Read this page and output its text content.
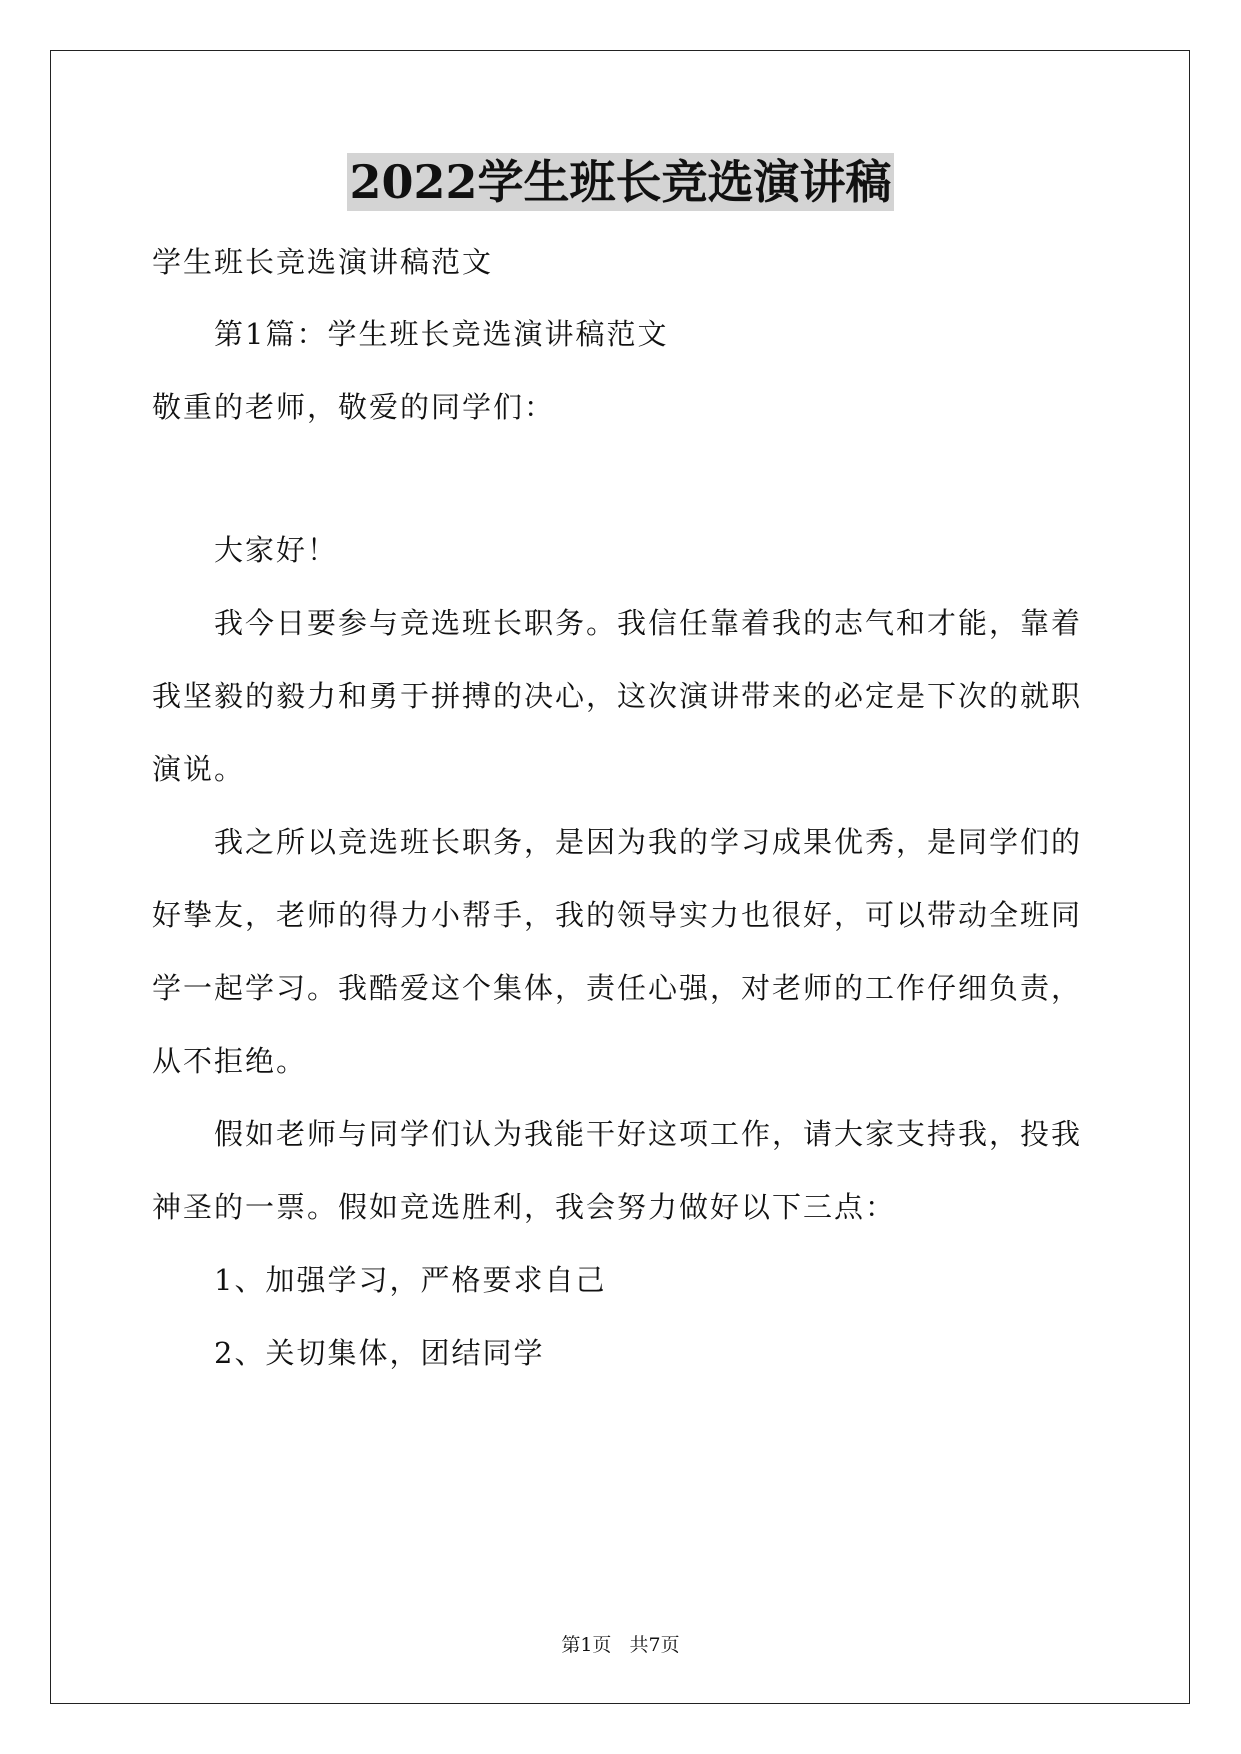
2022学生班长竞选演讲稿
学生班长竞选演讲稿范文
第1篇：学生班长竞选演讲稿范文
敬重的老师，敬爱的同学们：
大家好！
我今日要参与竞选班长职务。我信任靠着我的志气和才能，靠着
我坚毅的毅力和勇于拼搏的决心，这次演讲带来的必定是下次的就职
演说。
我之所以竞选班长职务，是因为我的学习成果优秀，是同学们的
好挚友，老师的得力小帮手，我的领导实力也很好，可以带动全班同
学一起学习。我酷爱这个集体，责任心强，对老师的工作仔细负责，
从不拒绝。
假如老师与同学们认为我能干好这项工作，请大家支持我，投我
神圣的一票。假如竞选胜利，我会努力做好以下三点：
1、加强学习，严格要求自己
2、关切集体，团结同学
第1页   共7页
